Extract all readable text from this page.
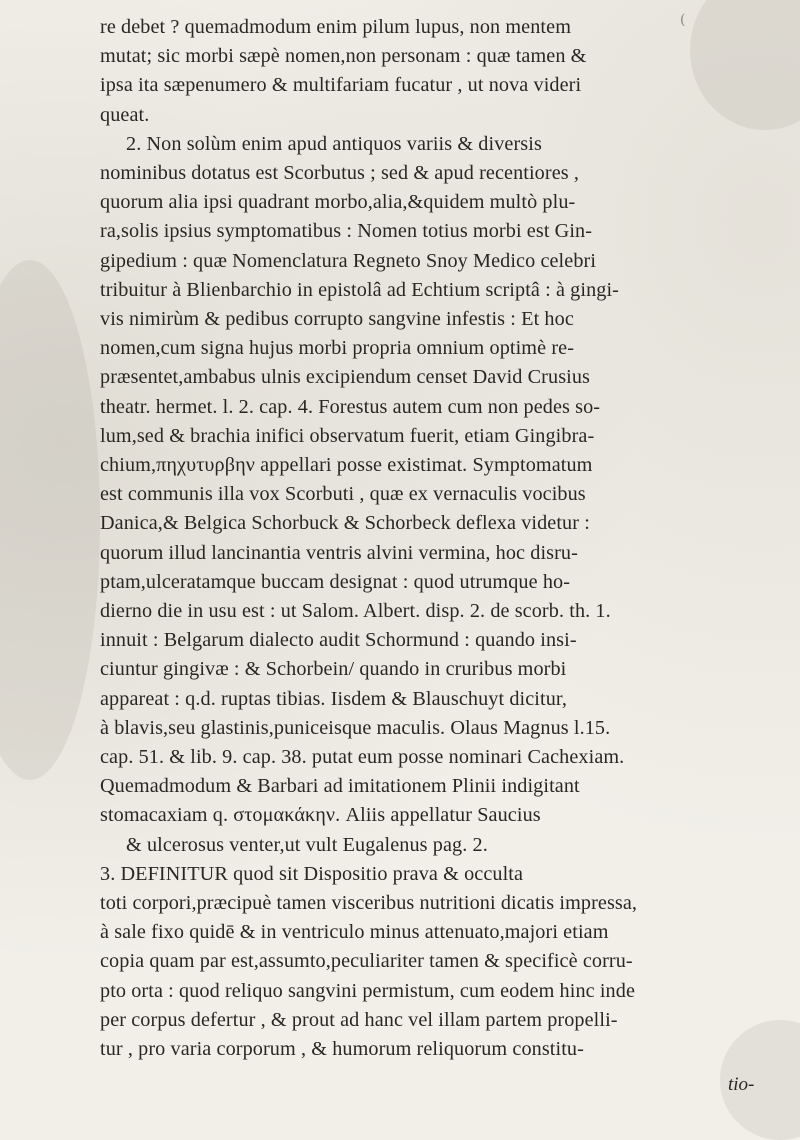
(
re debet ? quemadmodum enim pilum lupus, non mentem
mutat; sic morbi sæpè nomen,non personam : quæ tamen &
ipsa ita sæpenumero & multifariam fucatur , ut nova videri
queat.
2. Non solùm enim apud antiquos variis & diversis
nominibus dotatus est Scorbutus ; sed & apud recentiores ,
quorum alia ipsi quadrant morbo,alia,&quidem multò plu-
ra,solis ipsius symptomatibus : Nomen totius morbi est Gin-
gipedium : quæ Nomenclatura Regneto Snoy Medico celebri
tribuitur à Blienbarchio in epistolâ ad Echtium scriptâ : à gingi-
vis nimirùm & pedibus corrupto sangvine infestis : Et hoc
nomen,cum signa hujus morbi propria omnium optimè re-
præsentet,ambabus ulnis excipiendum censet David Crusius
theatr. hermet. l. 2. cap. 4. Forestus autem cum non pedes so-
lum,sed & brachia inifici observatum fuerit, etiam Gingibra-
chium,πηχυτυρβην appellari posse existimat. Symptomatum
est communis illa vox Scorbuti , quæ ex vernaculis vocibus
Danica,& Belgica Schorbuck & Schorbeck deflexa videtur :
quorum illud lancinantia ventris alvini vermina, hoc disru-
ptam,ulceratamque buccam designat : quod utrumque ho-
dierno die in usu est : ut Salom. Albert. disp. 2. de scorb. th. 1.
innuit : Belgarum dialecto audit Schormund : quando insi-
ciuntur gingivæ : & Schorbein/ quando in cruribus morbi
appareat : q.d. ruptas tibias. Iisdem & Blauschuyt dicitur,
à blavis,seu glastinis,puniceisque maculis. Olaus Magnus l.15.
cap. 51. & lib. 9. cap. 38. putat eum posse nominari Cachexiam.
Quemadmodum & Barbari ad imitationem Plinii indigitant
stomacaxiam q. στομακάκην. Aliis appellatur Saucius
& ulcerosus venter,ut vult Eugalenus pag. 2.
3. DEFINITUR quod sit Dispositio prava & occulta
toti corpori,præcipuè tamen visceribus nutritioni dicatis impressa,
à sale fixo quidē & in ventriculo minus attenuato,majori etiam
copia quam par est,assumto,peculiariter tamen & specificè corru-
pto orta : quod reliquo sangvini permistum, cum eodem hinc inde
per corpus defertur , & prout ad hanc vel illam partem propelli-
tur , pro varia corporum , & humorum reliquorum constitu-
tio-
